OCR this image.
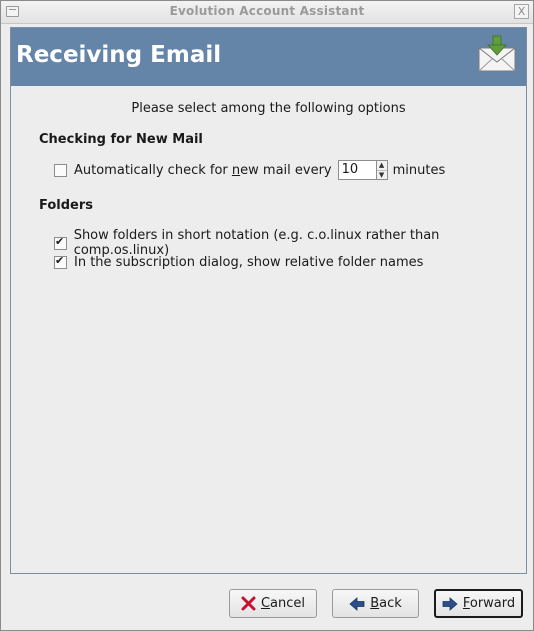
Evolution Account Assistant	X
Receiving Email
Please select among the following options
Checking for New Mail
Automatically check for new mail every 10	▲
▼ minutes
Folders
✔
Show folders in short notation (e.g. c.o.linux rather than comp.os.linux)
✔
In the subscription dialog, show relative folder names
Cancel	Back	Forward
